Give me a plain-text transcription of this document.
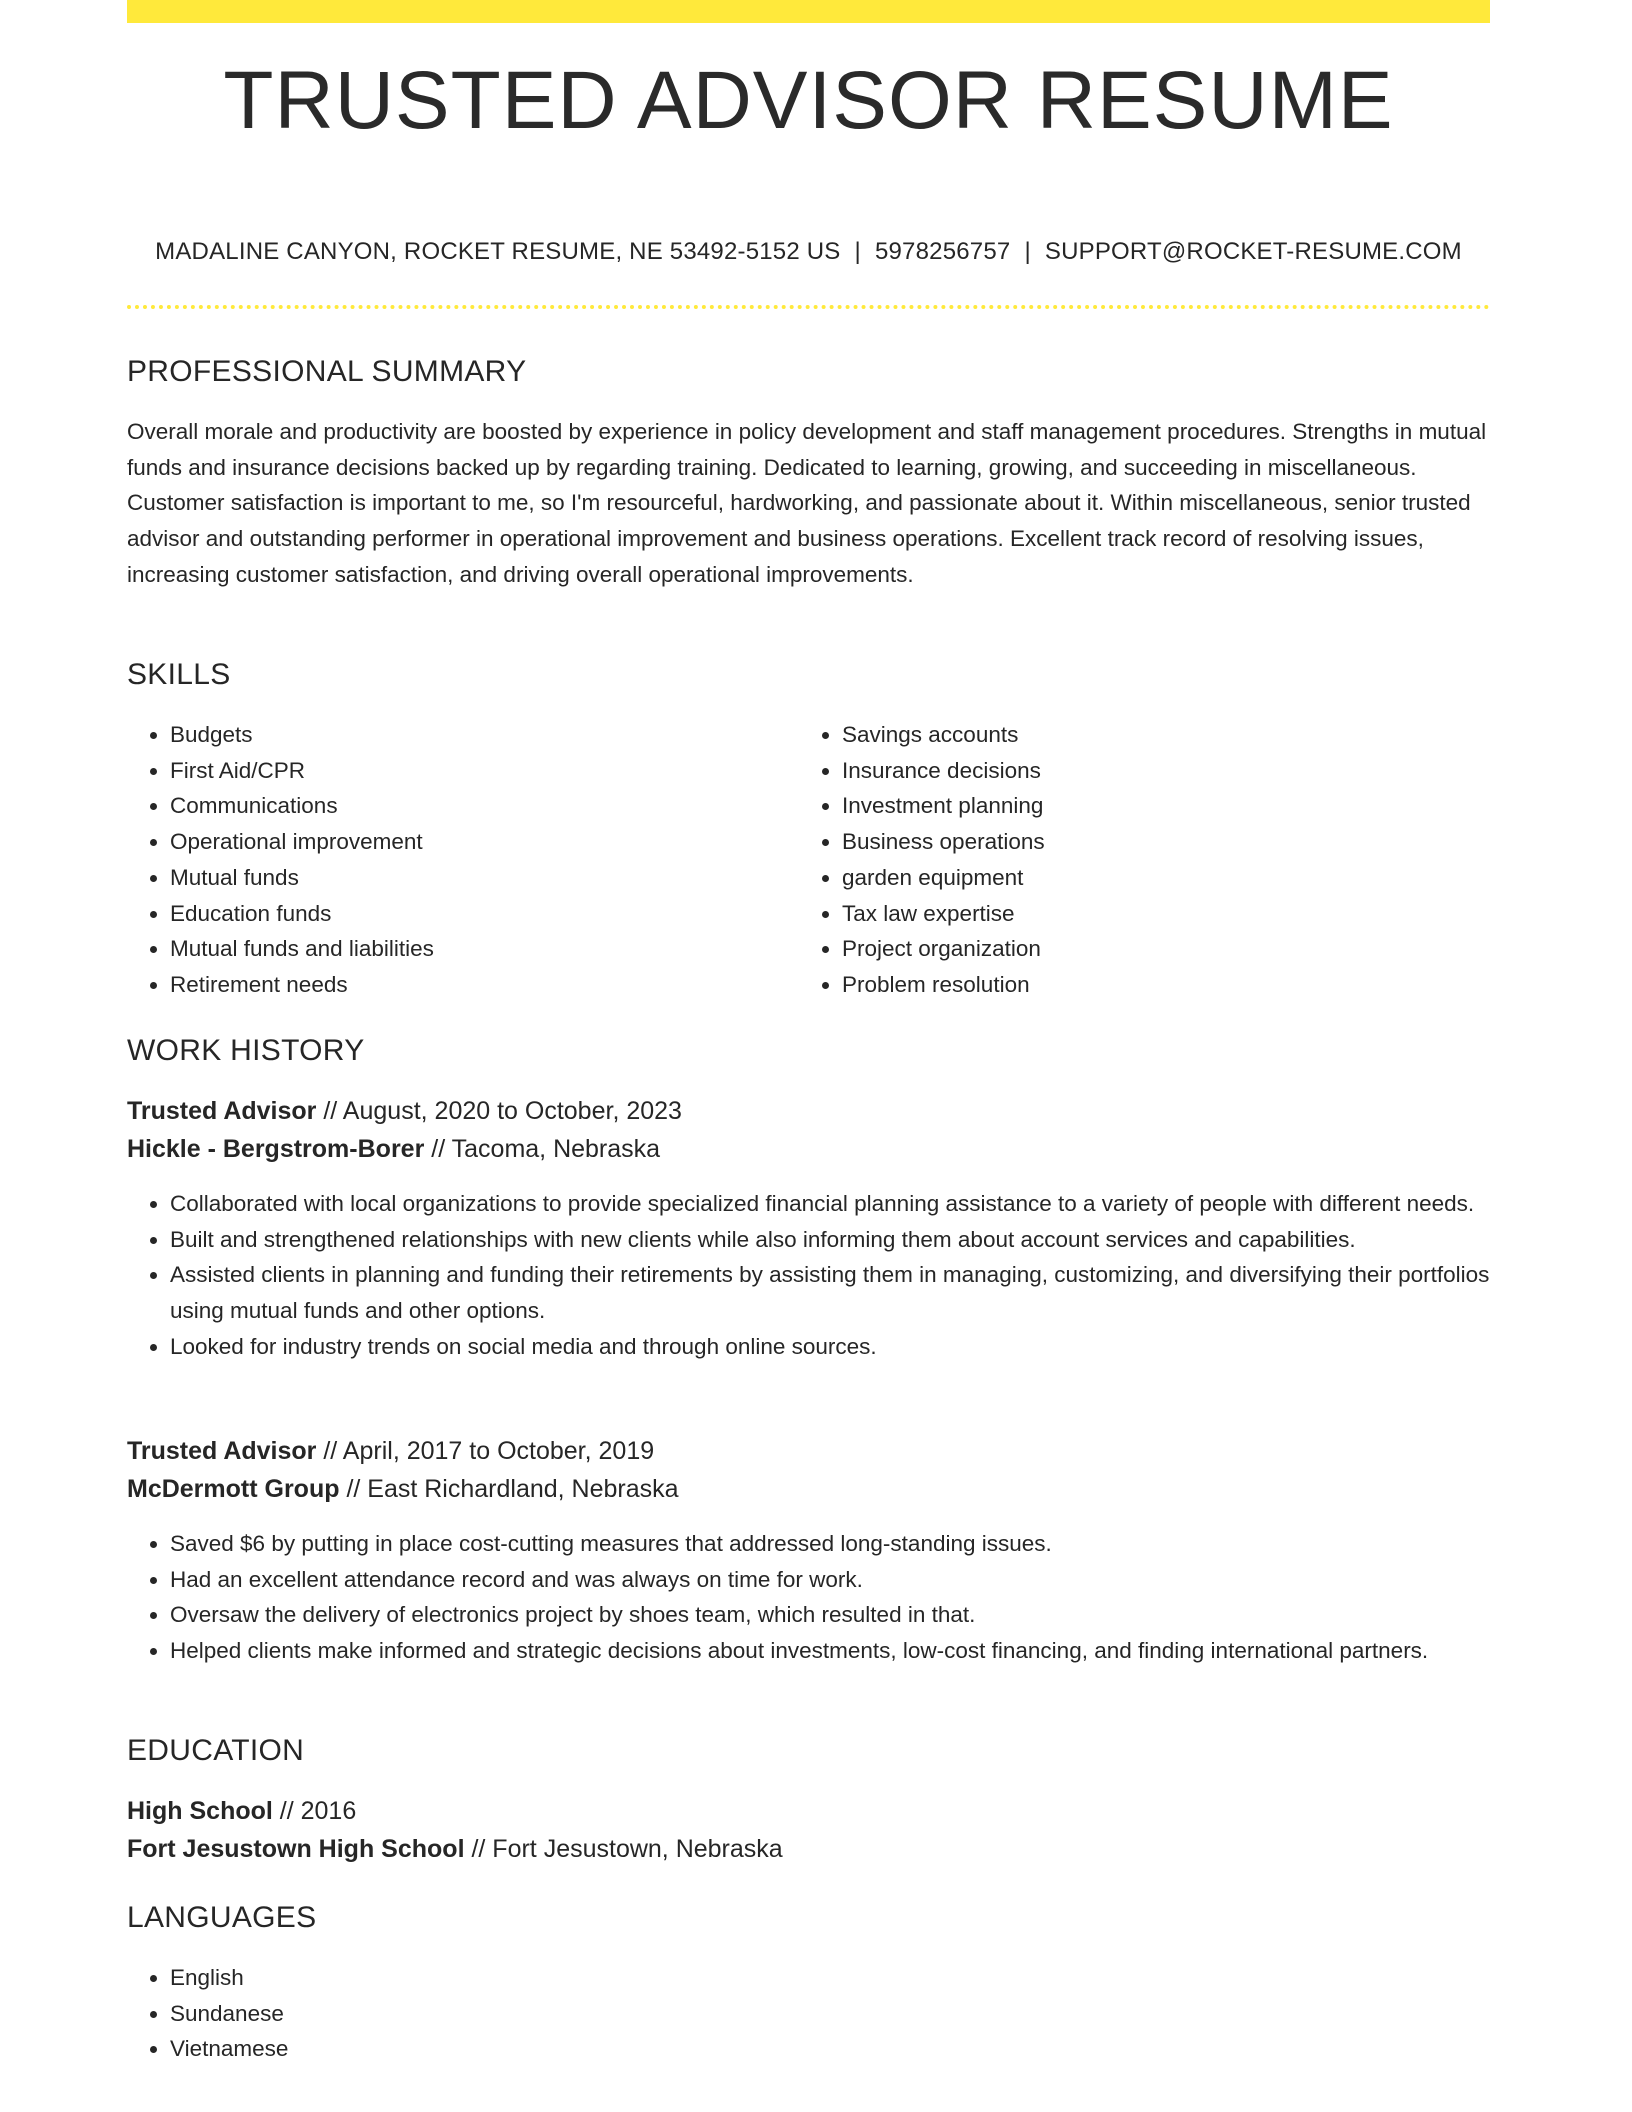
TRUSTED ADVISOR RESUME
MADALINE CANYON, ROCKET RESUME, NE 53492-5152 US | 5978256757 | SUPPORT@ROCKET-RESUME.COM
PROFESSIONAL SUMMARY

Overall morale and productivity are boosted by experience in policy development and staff management procedures. Strengths in mutual funds and insurance decisions backed up by regarding training. Dedicated to learning, growing, and succeeding in miscellaneous. Customer satisfaction is important to me, so I'm resourceful, hardworking, and passionate about it. Within miscellaneous, senior trusted advisor and outstanding performer in operational improvement and business operations. Excellent track record of resolving issues, increasing customer satisfaction, and driving overall operational improvements.

SKILLS
• Budgets
• First Aid/CPR
• Communications
• Operational improvement
• Mutual funds
• Education funds
• Mutual funds and liabilities
• Retirement needs
• Savings accounts
• Insurance decisions
• Investment planning
• Business operations
• garden equipment
• Tax law expertise
• Project organization
• Problem resolution
WORK HISTORY

Trusted Advisor // August, 2020 to October, 2023

Hickle - Bergstrom-Borer // Tacoma, Nebraska

• Collaborated with local organizations to provide specialized financial planning assistance to a variety of people with different needs.
• Built and strengthened relationships with new clients while also informing them about account services and capabilities.
• Assisted clients in planning and funding their retirements by assisting them in managing, customizing, and diversifying their portfolios using mutual funds and other options.
• Looked for industry trends on social media and through online sources.

Trusted Advisor // April, 2017 to October, 2019

McDermott Group // East Richardland, Nebraska

• Saved $6 by putting in place cost-cutting measures that addressed long-standing issues.
• Had an excellent attendance record and was always on time for work.
• Oversaw the delivery of electronics project by shoes team, which resulted in that.
• Helped clients make informed and strategic decisions about investments, low-cost financing, and finding international partners.
EDUCATION

High School // 2016

Fort Jesustown High School // Fort Jesustown, Nebraska

LANGUAGES
• English
• Sundanese
• Vietnamese
